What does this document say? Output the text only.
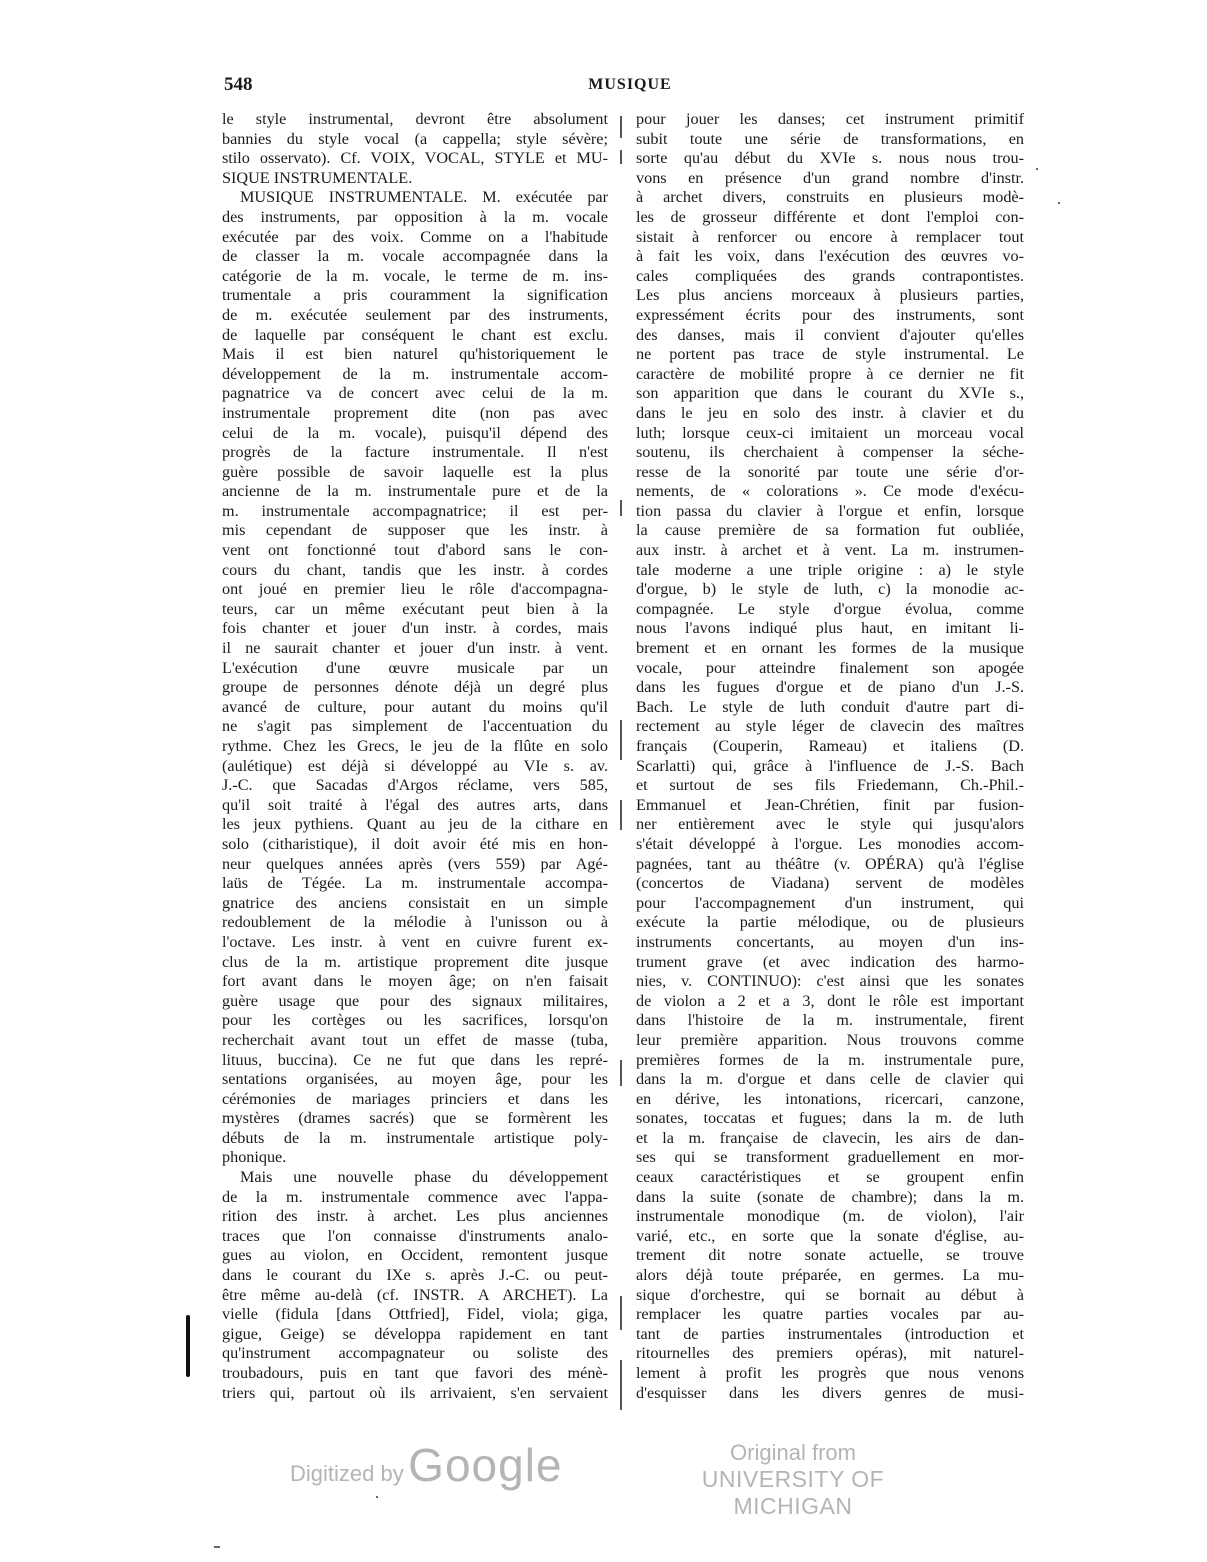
548	MUSIQUE
le style instrumental, devront être absolument
bannies du style vocal (a cappella; style sévère;
stilo osservato). Cf. VOIX, VOCAL, STYLE et MU-
SIQUE INSTRUMENTALE.
MUSIQUE INSTRUMENTALE. M. exécutée par
des instruments, par opposition à la m. vocale
exécutée par des voix. Comme on a l'habitude
de classer la m. vocale accompagnée dans la
catégorie de la m. vocale, le terme de m. ins-
trumentale a pris couramment la signification
de m. exécutée seulement par des instruments,
de laquelle par conséquent le chant est exclu.
Mais il est bien naturel qu'historiquement le
développement de la m. instrumentale accom-
pagnatrice va de concert avec celui de la m.
instrumentale proprement dite (non pas avec
celui de la m. vocale), puisqu'il dépend des
progrès de la facture instrumentale. Il n'est
guère possible de savoir laquelle est la plus
ancienne de la m. instrumentale pure et de la
m. instrumentale accompagnatrice; il est per-
mis cependant de supposer que les instr. à
vent ont fonctionné tout d'abord sans le con-
cours du chant, tandis que les instr. à cordes
ont joué en premier lieu le rôle d'accompagna-
teurs, car un même exécutant peut bien à la
fois chanter et jouer d'un instr. à cordes, mais
il ne saurait chanter et jouer d'un instr. à vent.
L'exécution d'une œuvre musicale par un
groupe de personnes dénote déjà un degré plus
avancé de culture, pour autant du moins qu'il
ne s'agit pas simplement de l'accentuation du
rythme. Chez les Grecs, le jeu de la flûte en solo
(aulétique) est déjà si développé au VIe s. av.
J.-C. que Sacadas d'Argos réclame, vers 585,
qu'il soit traité à l'égal des autres arts, dans
les jeux pythiens. Quant au jeu de la cithare en
solo (citharistique), il doit avoir été mis en hon-
neur quelques années après (vers 559) par Agé-
laüs de Tégée. La m. instrumentale accompa-
gnatrice des anciens consistait en un simple
redoublement de la mélodie à l'unisson ou à
l'octave. Les instr. à vent en cuivre furent ex-
clus de la m. artistique proprement dite jusque
fort avant dans le moyen âge; on n'en faisait
guère usage que pour des signaux militaires,
pour les cortèges ou les sacrifices, lorsqu'on
recherchait avant tout un effet de masse (tuba,
lituus, buccina). Ce ne fut que dans les repré-
sentations organisées, au moyen âge, pour les
cérémonies de mariages princiers et dans les
mystères (drames sacrés) que se formèrent les
débuts de la m. instrumentale artistique poly-
phonique.
Mais une nouvelle phase du développement
de la m. instrumentale commence avec l'appa-
rition des instr. à archet. Les plus anciennes
traces que l'on connaisse d'instruments analo-
gues au violon, en Occident, remontent jusque
dans le courant du IXe s. après J.-C. ou peut-
être même au-delà (cf. INSTR. A ARCHET). La
vielle (fidula [dans Ottfried], Fidel, viola; giga,
gigue, Geige) se développa rapidement en tant
qu'instrument accompagnateur ou soliste des
troubadours, puis en tant que favori des ménè-
triers qui, partout où ils arrivaient, s'en servaient
pour jouer les danses; cet instrument primitif
subit toute une série de transformations, en
sorte qu'au début du XVIe s. nous nous trou-
vons en présence d'un grand nombre d'instr.
à archet divers, construits en plusieurs modè-
les de grosseur différente et dont l'emploi con-
sistait à renforcer ou encore à remplacer tout
à fait les voix, dans l'exécution des œuvres vo-
cales compliquées des grands contrapontistes.
Les plus anciens morceaux à plusieurs parties,
expressément écrits pour des instruments, sont
des danses, mais il convient d'ajouter qu'elles
ne portent pas trace de style instrumental. Le
caractère de mobilité propre à ce dernier ne fit
son apparition que dans le courant du XVIe s.,
dans le jeu en solo des instr. à clavier et du
luth; lorsque ceux-ci imitaient un morceau vocal
soutenu, ils cherchaient à compenser la séche-
resse de la sonorité par toute une série d'or-
nements, de « colorations ». Ce mode d'exécu-
tion passa du clavier à l'orgue et enfin, lorsque
la cause première de sa formation fut oubliée,
aux instr. à archet et à vent. La m. instrumen-
tale moderne a une triple origine : a) le style
d'orgue, b) le style de luth, c) la monodie ac-
compagnée. Le style d'orgue évolua, comme
nous l'avons indiqué plus haut, en imitant li-
brement et en ornant les formes de la musique
vocale, pour atteindre finalement son apogée
dans les fugues d'orgue et de piano d'un J.-S.
Bach. Le style de luth conduit d'autre part di-
rectement au style léger de clavecin des maîtres
français (Couperin, Rameau) et italiens (D.
Scarlatti) qui, grâce à l'influence de J.-S. Bach
et surtout de ses fils Friedemann, Ch.-Phil.-
Emmanuel et Jean-Chrétien, finit par fusion-
ner entièrement avec le style qui jusqu'alors
s'était développé à l'orgue. Les monodies accom-
pagnées, tant au théâtre (v. OPÉRA) qu'à l'église
(concertos de Viadana) servent de modèles
pour l'accompagnement d'un instrument, qui
exécute la partie mélodique, ou de plusieurs
instruments concertants, au moyen d'un ins-
trument grave (et avec indication des harmo-
nies, v. CONTINUO): c'est ainsi que les sonates
de violon a 2 et a 3, dont le rôle est important
dans l'histoire de la m. instrumentale, firent
leur première apparition. Nous trouvons comme
premières formes de la m. instrumentale pure,
dans la m. d'orgue et dans celle de clavier qui
en dérive, les intonations, ricercari, canzone,
sonates, toccatas et fugues; dans la m. de luth
et la m. française de clavecin, les airs de dan-
ses qui se transforment graduellement en mor-
ceaux caractéristiques et se groupent enfin
dans la suite (sonate de chambre); dans la m.
instrumentale monodique (m. de violon), l'air
varié, etc., en sorte que la sonate d'église, au-
trement dit notre sonate actuelle, se trouve
alors déjà toute préparée, en germes. La mu-
sique d'orchestre, qui se bornait au début à
remplacer les quatre parties vocales par au-
tant de parties instrumentales (introduction et
ritournelles des premiers opéras), mit naturel-
lement à profit les progrès que nous venons
d'esquisser dans les divers genres de musi-
Digitized by Google	Original from
UNIVERSITY OF MICHIGAN
